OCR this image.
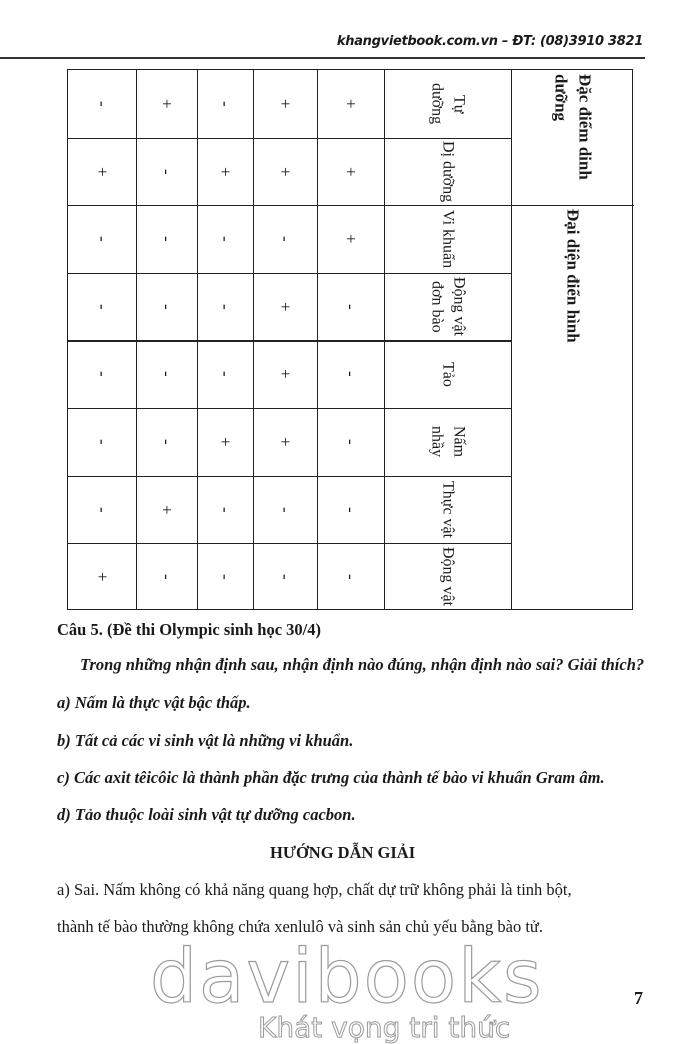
khangvietbook.com.vn – ĐT: (08)3910 3821
-	+ - +	+	Tự dưỡng
+	- + +	+	Dị dưỡng
-	- - -	+	Vi khuẩn
-	- - +	-	Động vật đơn bào
-	- - +	-	Tảo
-	- + +	-	Nấm nhầy
-	+ - -	-	Thực vật
+	- - -	-	Động vật
Đặc điểm dinh dưỡng
Đại diện điển hình
Câu 5. (Đề thi Olympic sinh học 30/4)
Trong những nhận định sau, nhận định nào đúng, nhận định nào sai? Giải thích?
a) Nấm là thực vật bậc thấp.
b) Tất cả các vi sinh vật là những vi khuẩn.
c) Các axit têicôic là thành phần đặc trưng của thành tế bào vi khuẩn Gram âm.
d) Tảo thuộc loài sinh vật tự dưỡng cacbon.
HƯỚNG DẪN GIẢI
a) Sai. Nấm không có khả năng quang hợp, chất dự trữ không phải là tinh bột,
thành tế bào thường không chứa xenlulô và sinh sản chủ yếu bằng bào tử.
davibooks
Khát vọng tri thức
7
